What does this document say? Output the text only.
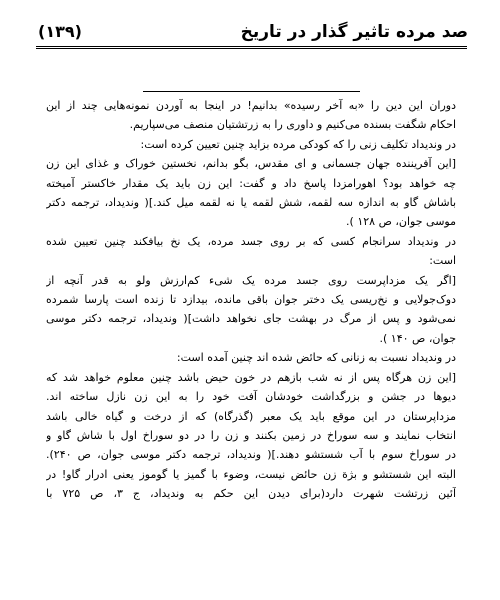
صد مرده تاثیر گذار در تاریخ
(۱۳۹)
دوران این دین را «به آخر رسیده» بدانیم! در اینجا به آوردن نمونه‌هایی چند از این
احکام شگفت بسنده می‌کنیم و داوری را به زرتشتیان منصف می‌سپاریم.
در وندیداد تکلیف زنی را که کودکی مرده بزاید چنین تعیین کرده است:
[این آفریننده جهان جسمانی و ای مقدس، بگو بدانم، نخستین خوراک و غذای این زن
چه خواهد بود؟ اهورامزدا پاسخ داد و گفت: این زن باید یک مقدار خاکستر آمیخته
باشاش گاو به اندازه سه لقمه، شش لقمه یا نه لقمه میل کند.]( وندیداد، ترجمه دکتر
موسی جوان، ص ۱۲۸ ).
در وندیداد سرانجام کسی که بر روی جسد مرده، یک نخ بیافکند چنین تعیین شده
است:
[اگر یک مزداپرست روی جسد مرده یک شیء کم‌ارزش ولو به قدر آنچه از
دوک‌جولایی و نخ‌ریسی یک دختر جوان باقی مانده، بیدازد تا زنده است پارسا شمرده
نمی‌شود و پس از مرگ در بهشت جای نخواهد داشت]( وندیداد، ترجمه دکتر موسی
جوان، ص ۱۴۰ ).
در وندیداد نسبت به زنانی که حائض شده اند چنین آمده است:
[این زن هرگاه پس از نه شب بازهم در خون حیض باشد چنین معلوم خواهد شد که
دیوها در جشن و بزرگداشت خودشان آفت خود را به این زن نازل ساخته اند.
مزداپرستان در این موقع باید یک معبر (گذرگاه) که از درخت و گیاه خالی باشد
انتخاب نمایند و سه سوراخ در زمین بکنند و زن را در دو سوراخ اول با شاش گاو و
در سوراخ سوم با آب شستشو دهند.]( وندیداد، ترجمه دکتر موسی جوان، ص ۲۴۰).
البته این شستشو و بژة زن حائض نیست، وضوء با گمیز یا گوموز یعنی ادرار گاو! در
آئین زرتشت شهرت دارد(برای دیدن این حکم به وندیداد، ج ۳، ص ۷۲۵ با
